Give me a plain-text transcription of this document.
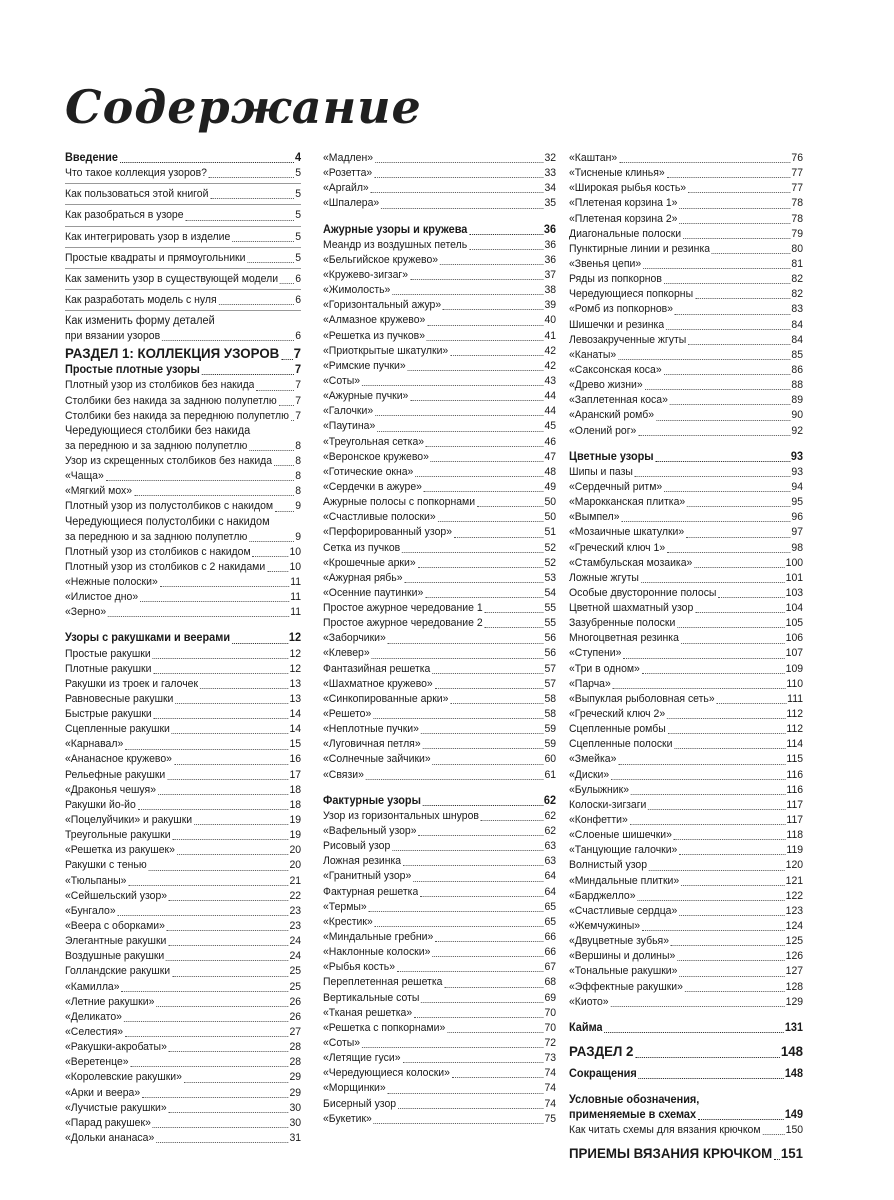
Содержание
Введение	4
Что такое коллекция узоров?	5
Как пользоваться этой книгой	5
Как разобраться в узоре	5
Как интегрировать узор в изделие	5
Простые квадраты и прямоугольники	5
Как заменить узор в существующей модели 6
Как разработать модель с нуля	6
Как изменить форму деталей
при вязании узоров	6
РАЗДЕЛ 1: КОЛЛЕКЦИЯ УЗОРОВ 7
Простые плотные узоры	7
Плотный узор из столбиков без накида	7
Столбики без накида за заднюю полупетлю 7
Столбики без накида за переднюю полупетлю 7
Чередующиеся столбики без накида
за переднюю и за заднюю полупетлю	8
Узор из скрещенных столбиков без накида 8
«Чаща»	8
«Мягкий мох»	8
Плотный узор из полустолбиков с накидом 9
Чередующиеся полустолбики с накидом
за переднюю и за заднюю полупетлю	9
Плотный узор из столбиков с накидом	10
Плотный узор из столбиков с 2 накидами 10
«Нежные полоски»	11
«Илистое дно»	11
«Зерно»	11
Узоры с ракушками и веерами	12
Простые ракушки	12
Плотные ракушки	12
Ракушки из троек и галочек	13
Равновесные ракушки	13
Быстрые ракушки	14
Сцепленные ракушки	14
«Карнавал»	15
«Ананасное кружево»	16
Рельефные ракушки	17
«Драконья чешуя»	18
Ракушки йо-йо	18
«Поцелуйчики» и ракушки	19
Треугольные ракушки	19
«Решетка из ракушек»	20
Ракушки с тенью	20
«Тюльпаны»	21
«Сейшельский узор»	22
«Бунгало»	23
«Веера с оборками»	23
Элегантные ракушки	24
Воздушные ракушки	24
Голландские ракушки	25
«Камилла»	25
«Летние ракушки»	26
«Деликато»	26
«Селестия»	27
«Ракушки-акробаты»	28
«Веретенце»	28
«Королевские ракушки»	29
«Арки и веера»	29
«Лучистые ракушки»	30
«Парад ракушек»	30
«Дольки ананаса»	31
«Мадлен»	32
«Розетта»	33
«Аргайл»	34
«Шпалера»	35
Ажурные узоры и кружева	36
Меандр из воздушных петель	36
«Бельгийское кружево»	36
«Кружево-зигзаг»	37
«Жимолость»	38
«Горизонтальный ажур»	39
«Алмазное кружево»	40
«Решетка из пучков»	41
«Приоткрытые шкатулки»	42
«Римские пучки»	42
«Соты»	43
«Ажурные пучки»	44
«Галочки»	44
«Паутина»	45
«Треугольная сетка»	46
«Веронское кружево»	47
«Готические окна»	48
«Сердечки в ажуре»	49
Ажурные полосы с попкорнами	50
«Счастливые полоски»	50
«Перфорированный узор»	51
Сетка из пучков	52
«Крошечные арки»	52
«Ажурная рябь»	53
«Осенние паутинки»	54
Простое ажурное чередование 1	55
Простое ажурное чередование 2	55
«Заборчики»	56
«Клевер»	56
Фантазийная решетка	57
«Шахматное кружево»	57
«Синкопированные арки»	58
«Решето»	58
«Неплотные пучки»	59
«Луговичная петля»	59
«Солнечные зайчики»	60
«Связи»	61
Фактурные узоры	62
Узор из горизонтальных шнуров	62
«Вафельный узор»	62
Рисовый узор	63
Ложная резинка	63
«Гранитный узор»	64
Фактурная решетка	64
«Термы»	65
«Крестик»	65
«Миндальные гребни»	66
«Наклонные колоски»	66
«Рыбья кость»	67
Переплетенная решетка	68
Вертикальные соты	69
«Тканая решетка»	70
«Решетка с попкорнами»	70
«Соты»	72
«Летящие гуси»	73
«Чередующиеся колоски»	74
«Морщинки»	74
Бисерный узор	74
«Букетик»	75
«Каштан»	76
«Тисненые клинья»	77
«Широкая рыбья кость»	77
«Плетеная корзина 1»	78
«Плетеная корзина 2»	78
Диагональные полоски	79
Пунктирные линии и резинка	80
«Звенья цепи»	81
Ряды из попкорнов	82
Чередующиеся попкорны	82
«Ромб из попкорнов»	83
Шишечки и резинка	84
Левозакрученные жгуты	84
«Канаты»	85
«Саксонская коса»	86
«Древо жизни»	88
«Заплетенная коса»	89
«Аранский ромб»	90
«Олений рог»	92
Цветные узоры	93
Шипы и пазы	93
«Сердечный ритм»	94
«Марокканская плитка»	95
«Вымпел»	96
«Мозаичные шкатулки»	97
«Греческий ключ 1»	98
«Стамбульская мозаика»	100
Ложные жгуты	101
Особые двусторонние полосы	103
Цветной шахматный узор	104
Зазубренные полоски	105
Многоцветная резинка	106
«Ступени»	107
«Три в одном»	109
«Парча»	110
«Выпуклая рыболовная сеть»	111
«Греческий ключ 2»	112
Сцепленные ромбы	112
Сцепленные полоски	114
«Змейка»	115
«Диски»	116
«Булыжник»	116
Колоски-зигзаги	117
«Конфетти»	117
«Слоеные шишечки»	118
«Танцующие галочки»	119
Волнистый узор	120
«Миндальные плитки»	121
«Барджелло»	122
«Счастливые сердца»	123
«Жемчужины»	124
«Двуцветные зубья»	125
«Вершины и долины»	126
«Тональные ракушки»	127
«Эффектные ракушки»	128
«Киото»	129
Кайма	131
РАЗДЕЛ 2	148
Сокращения	148
Условные обозначения,
применяемые в схемах	149
Как читать схемы для вязания крючком 150
ПРИЕМЫ ВЯЗАНИЯ КРЮЧКОМ 151
